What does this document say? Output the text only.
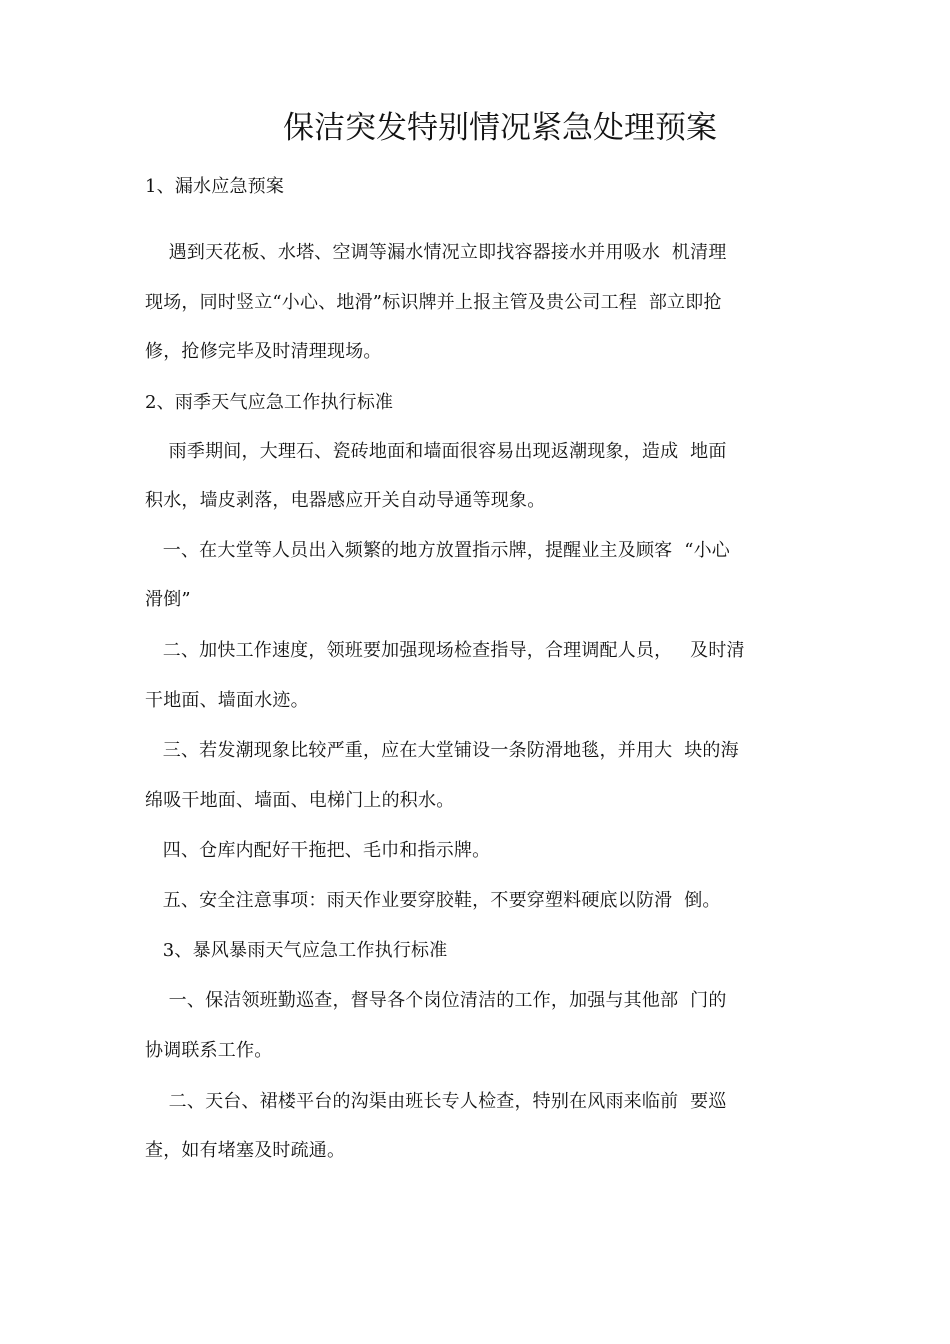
保洁突发特别情况紧急处理预案
1、漏水应急预案
遇到天花板、水塔、空调等漏水情况立即找容器接水并用吸水  机清理
现场，同时竖立“小心、地滑”标识牌并上报主管及贵公司工程  部立即抢
修，抢修完毕及时清理现场。
2、雨季天气应急工作执行标准
雨季期间，大理石、瓷砖地面和墙面很容易出现返潮现象，造成  地面
积水，墙皮剥落，电器感应开关自动导通等现象。
一、在大堂等人员出入频繁的地方放置指示牌，提醒业主及顾客  “小心
滑倒”
二、加快工作速度，领班要加强现场检查指导，合理调配人员，   及时清
干地面、墙面水迹。
三、若发潮现象比较严重，应在大堂铺设一条防滑地毯，并用大  块的海
绵吸干地面、墙面、电梯门上的积水。
四、仓库内配好干拖把、毛巾和指示牌。
五、安全注意事项：雨天作业要穿胶鞋，不要穿塑料硬底以防滑  倒。
3、暴风暴雨天气应急工作执行标准
一、保洁领班勤巡查，督导各个岗位清洁的工作，加强与其他部  门的
协调联系工作。
二、天台、裙楼平台的沟渠由班长专人检查，特别在风雨来临前  要巡
查，如有堵塞及时疏通。
